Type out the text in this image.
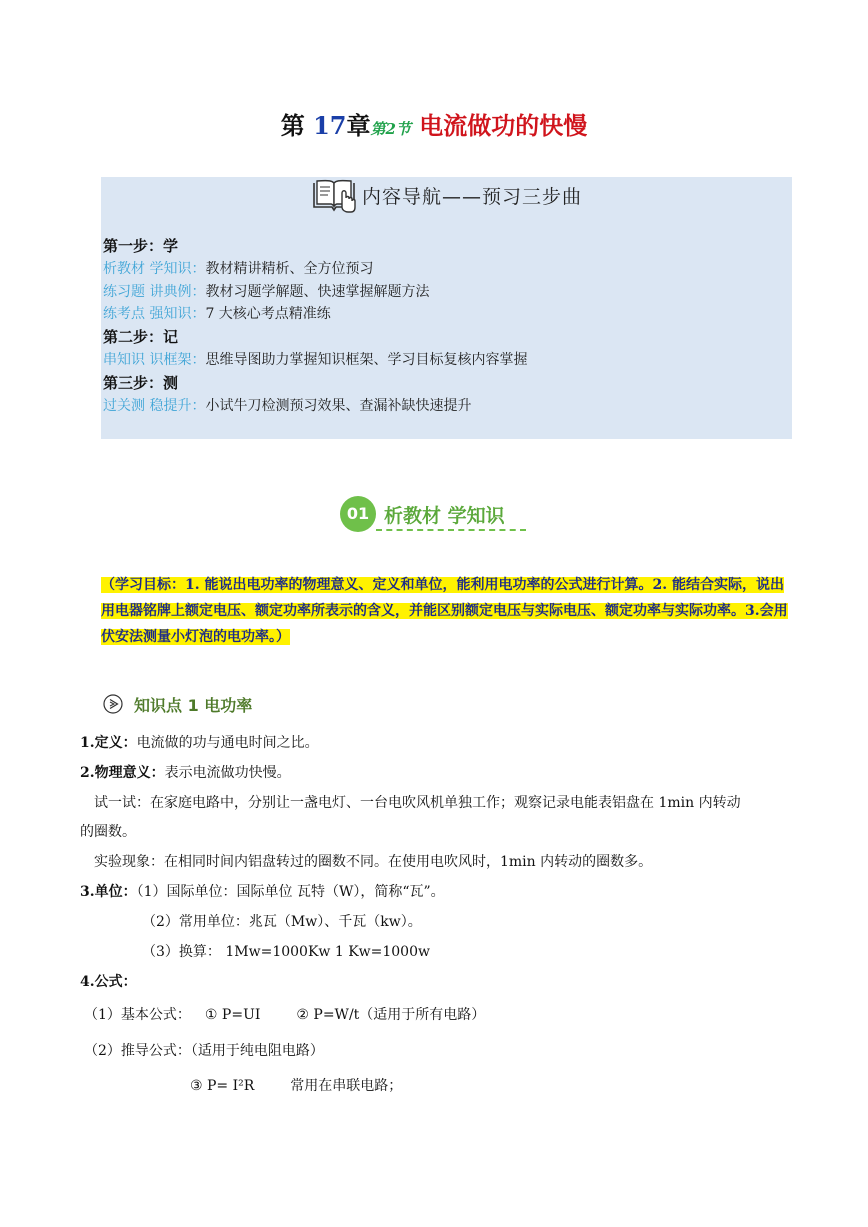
第 17章第2节 电流做功的快慢
内容导航——预习三步曲
第一步：学
析教材 学知识：教材精讲精析、全方位预习
练习题 讲典例：教材习题学解题、快速掌握解题方法
练考点 强知识：7 大核心考点精准练
第二步：记
串知识 识框架：思维导图助力掌握知识框架、学习目标复核内容掌握
第三步：测
过关测 稳提升：小试牛刀检测预习效果、查漏补缺快速提升
01 析教材 学知识
（学习目标：1. 能说出电功率的物理意义、定义和单位，能利用电功率的公式进行计算。2. 能结合实际，说出用电器铭牌上额定电压、额定功率所表示的含义，并能区别额定电压与实际电压、额定功率与实际功率。3.会用伏安法测量小灯泡的电功率。）
知识点 1 电功率
1.定义：电流做的功与通电时间之比。
2.物理意义：表示电流做功快慢。
试一试：在家庭电路中，分别让一盏电灯、一台电吹风机单独工作；观察记录电能表铝盘在 1min 内转动
的圈数。
实验现象：在相同时间内铝盘转过的圈数不同。在使用电吹风时，1min 内转动的圈数多。
3.单位：（1）国际单位：国际单位 瓦特（W），简称“瓦”。
（2）常用单位：兆瓦（Mw）、千瓦（kw）。
（3）换算： 1Mw=1000Kw 1 Kw=1000w
4.公式：
（1）基本公式： ① P=UI	② P=W/t（适用于所有电路）
（2）推导公式：（适用于纯电阻电路）
③ P= I²R	常用在串联电路；
